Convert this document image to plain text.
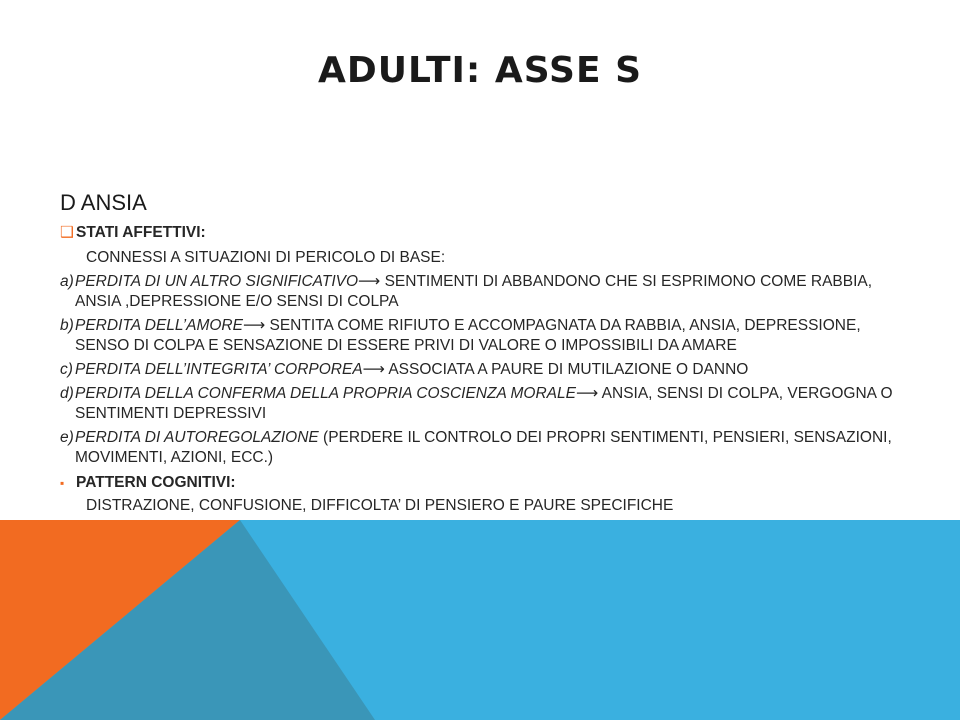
ADULTI: ASSE S

D ANSIA

❑ STATI AFFETTIVI:

CONNESSI A SITUAZIONI DI PERICOLO DI BASE:

a) PERDITA DI UN ALTRO SIGNIFICATIVO⟶ SENTIMENTI DI ABBANDONO CHE SI ESPRIMONO COME RABBIA, ANSIA ,DEPRESSIONE E/O SENSI DI COLPA
b) PERDITA DELL’AMORE⟶ SENTITA COME RIFIUTO E ACCOMPAGNATA DA RABBIA, ANSIA, DEPRESSIONE, SENSO DI COLPA E SENSAZIONE DI ESSERE PRIVI DI VALORE O IMPOSSIBILI DA AMARE
c) PERDITA DELL’INTEGRITA’ CORPOREA⟶ ASSOCIATA A PAURE DI MUTILAZIONE O DANNO
d) PERDITA DELLA CONFERMA DELLA PROPRIA COSCIENZA MORALE⟶ ANSIA, SENSI DI COLPA, VERGOGNA O SENTIMENTI DEPRESSIVI
e) PERDITA DI AUTOREGOLAZIONE (PERDERE IL CONTROLO DEI PROPRI SENTIMENTI, PENSIERI, SENSAZIONI, MOVIMENTI, AZIONI, ECC.)
▪ PATTERN COGNITIVI:

DISTRAZIONE, CONFUSIONE, DIFFICOLTA’ DI PENSIERO E PAURE SPECIFICHE
